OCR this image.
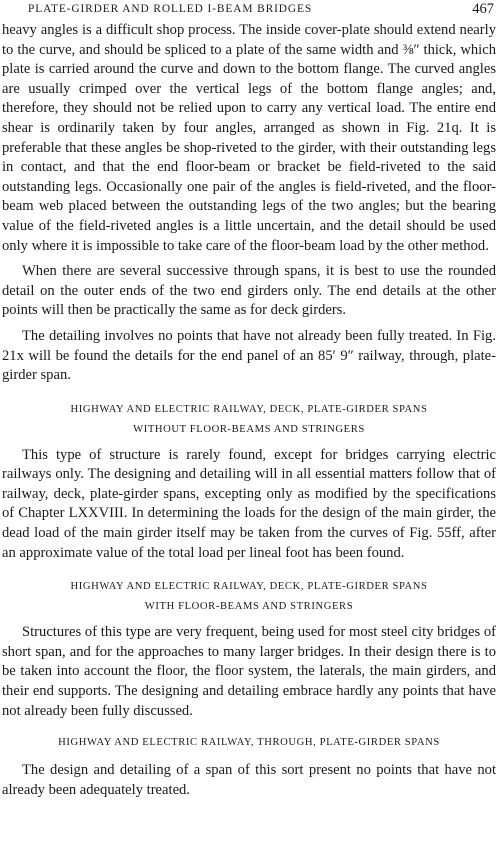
PLATE-GIRDER AND ROLLED I-BEAM BRIDGES	467

heavy angles is a difficult shop process. The inside cover-plate should extend nearly to the curve, and should be spliced to a plate of the same width and ⅜″ thick, which plate is carried around the curve and down to the bottom flange. The curved angles are usually crimped over the vertical legs of the bottom flange angles; and, therefore, they should not be relied upon to carry any vertical load. The entire end shear is ordinarily taken by four angles, arranged as shown in Fig. 21q. It is preferable that these angles be shop-riveted to the girder, with their outstanding legs in contact, and that the end floor-beam or bracket be field-riveted to the said outstanding legs. Occasionally one pair of the angles is field-riveted, and the floor-beam web placed between the outstanding legs of the two angles; but the bearing value of the field-riveted angles is a little uncertain, and the detail should be used only where it is impossible to take care of the floor-beam load by the other method.

When there are several successive through spans, it is best to use the rounded detail on the outer ends of the two end girders only. The end details at the other points will then be practically the same as for deck girders.

The detailing involves no points that have not already been fully treated. In Fig. 21x will be found the details for the end panel of an 85′ 9″ railway, through, plate-girder span.

HIGHWAY AND ELECTRIC RAILWAY, DECK, PLATE-GIRDER SPANS

WITHOUT FLOOR-BEAMS AND STRINGERS

This type of structure is rarely found, except for bridges carrying electric railways only. The designing and detailing will in all essential matters follow that of railway, deck, plate-girder spans, excepting only as modified by the specifications of Chapter LXXVIII. In determining the loads for the design of the main girder, the dead load of the main girder itself may be taken from the curves of Fig. 55ff, after an approximate value of the total load per lineal foot has been found.

HIGHWAY AND ELECTRIC RAILWAY, DECK, PLATE-GIRDER SPANS

WITH FLOOR-BEAMS AND STRINGERS

Structures of this type are very frequent, being used for most steel city bridges of short span, and for the approaches to many larger bridges. In their design there is to be taken into account the floor, the floor system, the laterals, the main girders, and their end supports. The designing and detailing embrace hardly any points that have not already been fully discussed.

HIGHWAY AND ELECTRIC RAILWAY, THROUGH, PLATE-GIRDER SPANS

The design and detailing of a span of this sort present no points that have not already been adequately treated.
